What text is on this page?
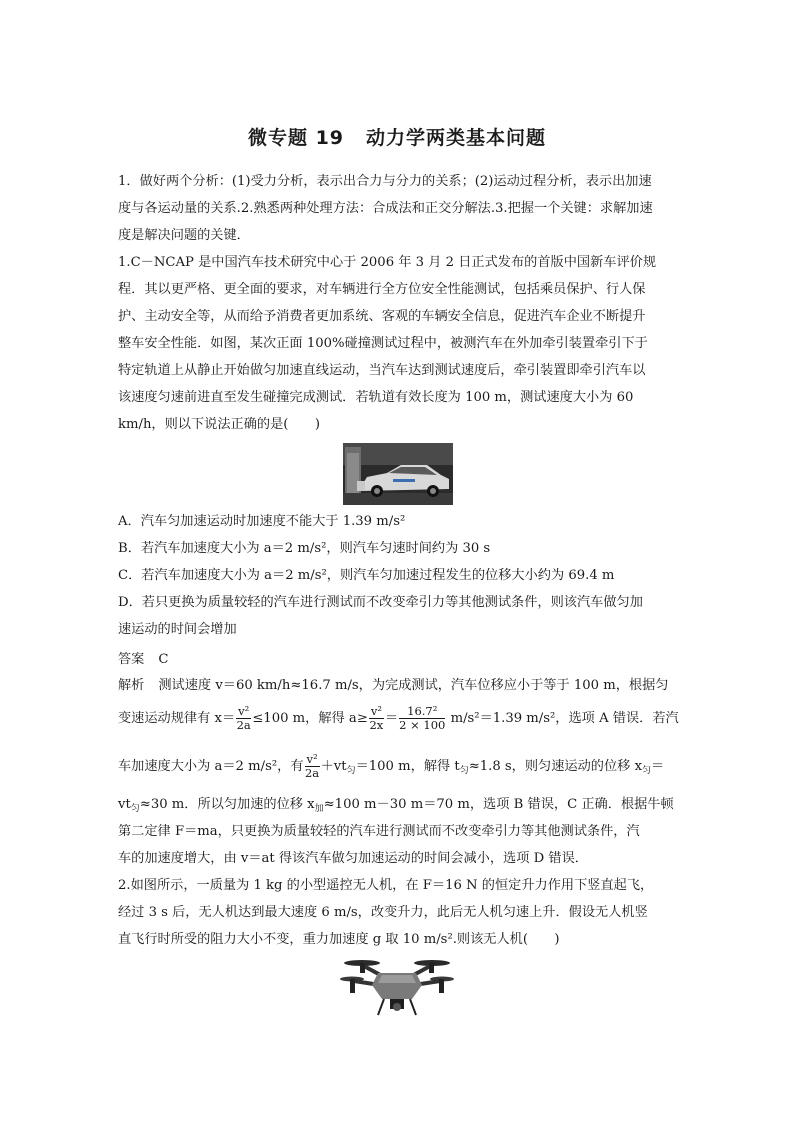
微专题 19 动力学两类基本问题
1．做好两个分析：(1)受力分析，表示出合力与分力的关系；(2)运动过程分析，表示出加速
度与各运动量的关系.2.熟悉两种处理方法：合成法和正交分解法.3.把握一个关键：求解加速
度是解决问题的关键．
1.C－NCAP 是中国汽车技术研究中心于 2006 年 3 月 2 日正式发布的首版中国新车评价规
程．其以更严格、更全面的要求，对车辆进行全方位安全性能测试，包括乘员保护、行人保
护、主动安全等，从而给予消费者更加系统、客观的车辆安全信息，促进汽车企业不断提升
整车安全性能．如图，某次正面 100%碰撞测试过程中，被测汽车在外加牵引装置牵引下于
特定轨道上从静止开始做匀加速直线运动，当汽车达到测试速度后，牵引装置即牵引汽车以
该速度匀速前进直至发生碰撞完成测试．若轨道有效长度为 100 m，测试速度大小为 60
km/h，则以下说法正确的是(　　)
A．汽车匀加速运动时加速度不能大于 1.39 m/s²
B．若汽车加速度大小为 a＝2 m/s²，则汽车匀速时间约为 30 s
C．若汽车加速度大小为 a＝2 m/s²，则汽车匀加速过程发生的位移大小约为 69.4 m
D．若只更换为质量较轻的汽车进行测试而不改变牵引力等其他测试条件，则该汽车做匀加
速运动的时间会增加
答案 C
解析 测试速度 v＝60 km/h≈16.7 m/s，为完成测试，汽车位移应小于等于 100 m，根据匀
变速运动规律有 $x= \frac{\text{v²}}{2a} \le 100$ m，解得 $a\ge \frac{\text{v²}}{2x} = \frac{\text{16.7²}}{2 \times 100} m/s^2=1.39$ m/s²，选项 A 错误．若汽
车加速度大小为 a＝2 m/s²，有 $\frac{\text{v²}}{2a} +vt_匀=100$ m，解得 $t_匀\approx 1.8$ s，则匀速运动的位移 $x_匀=$
$vt_匀\approx 30$ m．所以匀加速的位移 $x_加\approx 100$ m－30 m＝70 m，选项 B 错误，C 正确．根据牛顿
第二定律 F＝ma，只更换为质量较轻的汽车进行测试而不改变牵引力等其他测试条件，汽
车的加速度增大，由 v＝at 得该汽车做匀加速运动的时间会减小，选项 D 错误．
2.如图所示，一质量为 1 kg 的小型遥控无人机，在 F＝16 N 的恒定升力作用下竖直起飞，
经过 3 s 后，无人机达到最大速度 6 m/s，改变升力，此后无人机匀速上升．假设无人机竖
直飞行时所受的阻力大小不变，重力加速度 g 取 10 m/s².则该无人机(　　)
